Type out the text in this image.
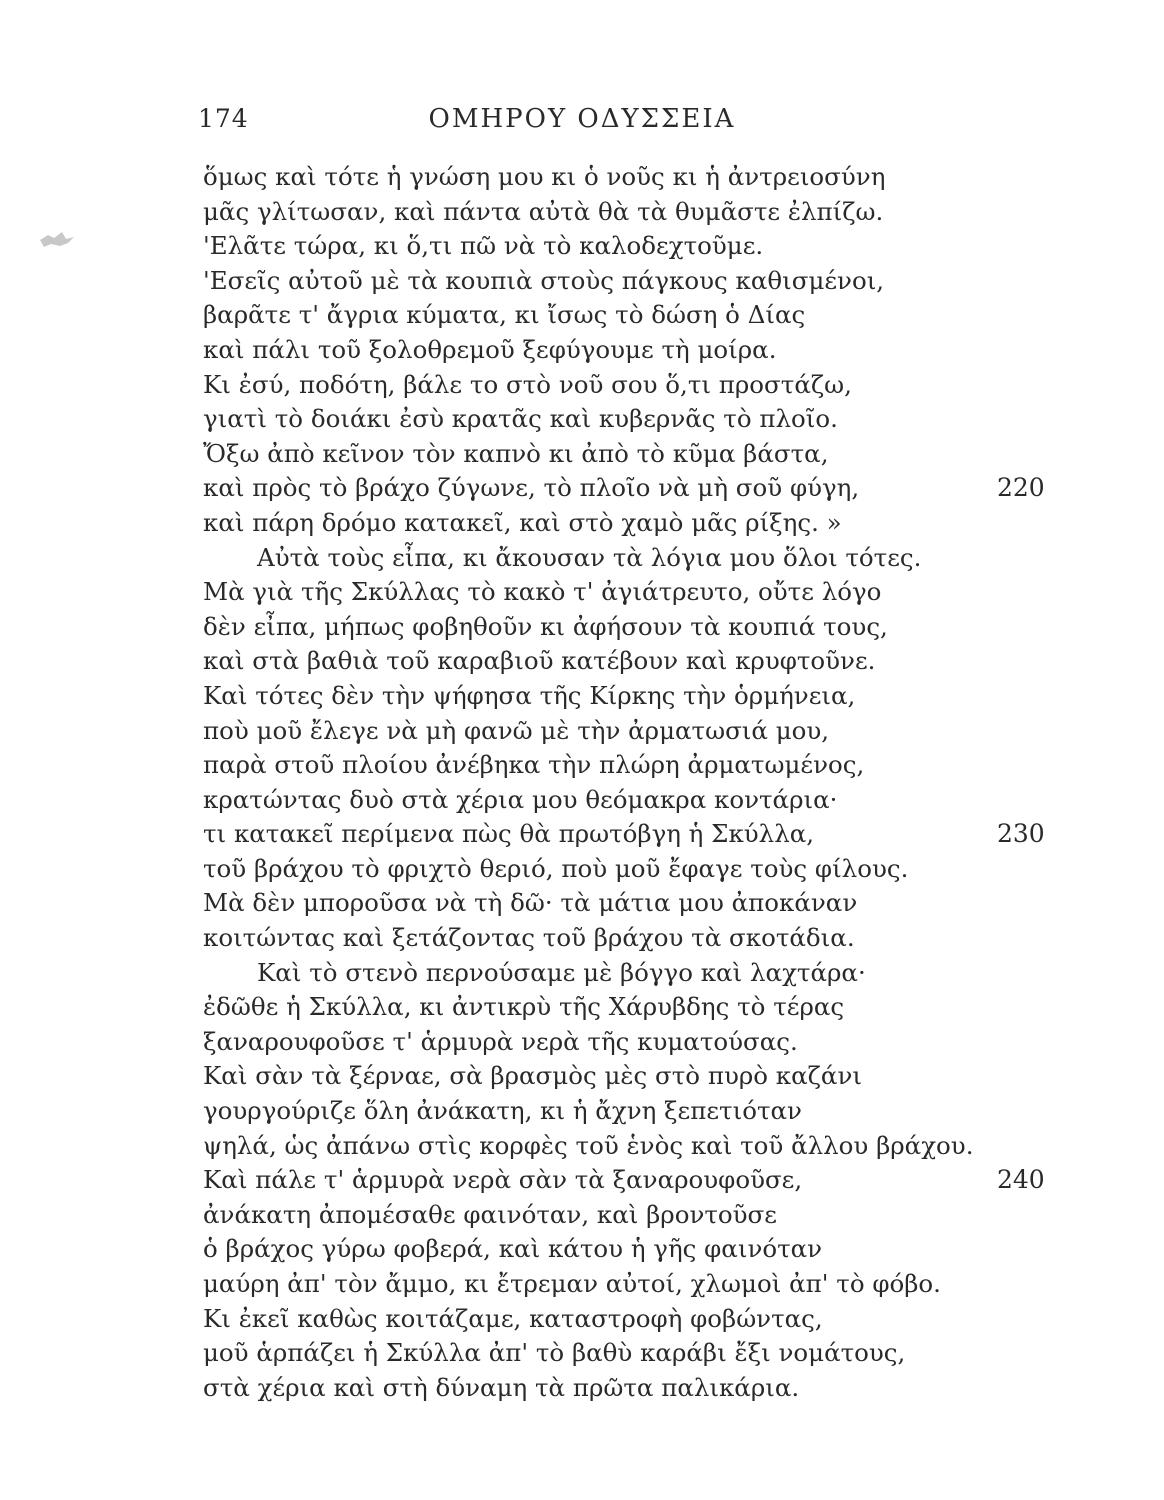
174	ΟΜΗΡΟΥ ΟΔΥΣΣΕΙΑ
ὅμως καὶ τότε ἡ γνώση μου κι ὁ νοῦς κι ἡ ἀντρειοσύνη
μᾶς γλίτωσαν, καὶ πάντα αὐτὰ θὰ τὰ θυμᾶστε ἐλπίζω.
'Ελᾶτε τώρα, κι ὅ,τι πῶ νὰ τὸ καλοδεχτοῦμε.
'Εσεῖς αὐτοῦ μὲ τὰ κουπιὰ στοὺς πάγκους καθισμένοι,
βαρᾶτε τ' ἄγρια κύματα, κι ἴσως τὸ δώση ὁ Δίας
καὶ πάλι τοῦ ξολοθρεμοῦ ξεφύγουμε τὴ μοίρα.
Κι ἐσύ, ποδότη, βάλε το στὸ νοῦ σου ὅ,τι προστάζω,
γιατὶ τὸ δοιάκι ἐσὺ κρατᾶς καὶ κυβερνᾶς τὸ πλοῖο.
Ὄξω ἀπὸ κεῖνον τὸν καπνὸ κι ἀπὸ τὸ κῦμα βάστα,
καὶ πρὸς τὸ βράχο ζύγωνε, τὸ πλοῖο νὰ μὴ σοῦ φύγη,	220
καὶ πάρη δρόμο κατακεῖ, καὶ στὸ χαμὸ μᾶς ρίξης. »
Αὐτὰ τοὺς εἶπα, κι ἄκουσαν τὰ λόγια μου ὅλοι τότες.
Μὰ γιὰ τῆς Σκύλλας τὸ κακὸ τ' ἀγιάτρευτο, οὔτε λόγο
δὲν εἶπα, μήπως φοβηθοῦν κι ἀφήσουν τὰ κουπιά τους,
καὶ στὰ βαθιὰ τοῦ καραβιοῦ κατέβουν καὶ κρυφτοῦνε.
Καὶ τότες δὲν τὴν ψήφησα τῆς Κίρκης τὴν ὁρμήνεια,
ποὺ μοῦ ἔλεγε νὰ μὴ φανῶ μὲ τὴν ἀρματωσιά μου,
παρὰ στοῦ πλοίου ἀνέβηκα τὴν πλώρη ἀρματωμένος,
κρατώντας δυὸ στὰ χέρια μου θεόμακρα κοντάρια·
τι κατακεῖ περίμενα πὼς θὰ πρωτόβγη ἡ Σκύλλα,	230
τοῦ βράχου τὸ φριχτὸ θεριό, ποὺ μοῦ ἔφαγε τοὺς φίλους.
Μὰ δὲν μποροῦσα νὰ τὴ δῶ· τὰ μάτια μου ἀποκάναν
κοιτώντας καὶ ξετάζοντας τοῦ βράχου τὰ σκοτάδια.
Καὶ τὸ στενὸ περνούσαμε μὲ βόγγο καὶ λαχτάρα·
ἐδῶθε ἡ Σκύλλα, κι ἀντικρὺ τῆς Χάρυβδης τὸ τέρας
ξαναρουφοῦσε τ' ἁρμυρὰ νερὰ τῆς κυματούσας.
Καὶ σὰν τὰ ξέρναε, σὰ βρασμὸς μὲς στὸ πυρὸ καζάνι
γουργούριζε ὅλη ἀνάκατη, κι ἡ ἄχνη ξεπετιόταν
ψηλά, ὡς ἀπάνω στὶς κορφὲς τοῦ ἑνὸς καὶ τοῦ ἄλλου βράχου.
Καὶ πάλε τ' ἁρμυρὰ νερὰ σὰν τὰ ξαναρουφοῦσε,	240
ἀνάκατη ἀπομέσαθε φαινόταν, καὶ βροντοῦσε
ὁ βράχος γύρω φοβερά, καὶ κάτου ἡ γῆς φαινόταν
μαύρη ἀπ' τὸν ἄμμο, κι ἔτρεμαν αὐτοί, χλωμοὶ ἀπ' τὸ φόβο.
Κι ἐκεῖ καθὼς κοιτάζαμε, καταστροφὴ φοβώντας,
μοῦ ἁρπάζει ἡ Σκύλλα ἀπ' τὸ βαθὺ καράβι ἔξι νομάτους,
στὰ χέρια καὶ στὴ δύναμη τὰ πρῶτα παλικάρια.
